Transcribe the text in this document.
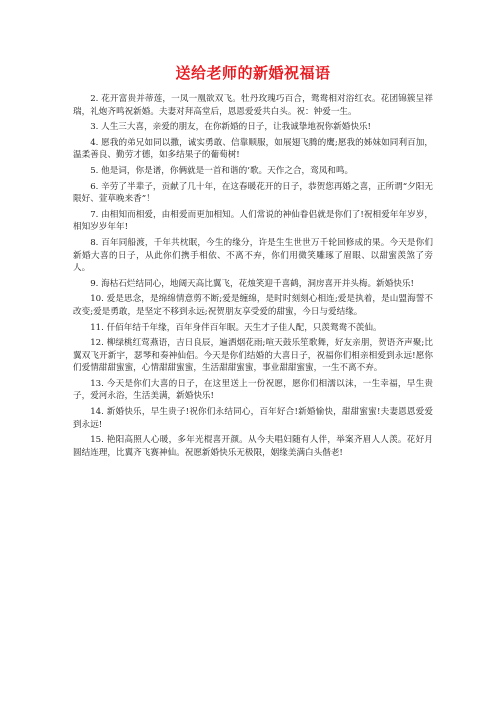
送给老师的新婚祝福语

2. 花开富贵并蒂莲，一凤一凰欲双飞。牡丹玫瑰巧百合，鸳鸯相对浴红衣。花团锦簇呈祥瑞，礼炮齐鸣祝新婚。夫妻对拜高堂后，恩恩爱爱共白头。祝：钟爱一生。

3. 人生三大喜，亲爱的朋友，在你新婚的日子，让我诚挚地祝你新婚快乐!

4. 愿我的弟兄如同以撒，诚实勇敢、信靠顺服，如展翅飞腾的鹰;愿我的姊妹如同利百加，温柔善良、勤劳才德，如多结果子的葡萄树!

5. 他是词，你是谱，你俩就是一首和谐的’歌。天作之合，鸾凤和鸣。

6. 辛劳了半辈子，贡献了几十年，在这春暖花开的日子，恭贺您再婚之喜，正所谓“夕阳无限好、萱草晚来香”！

7. 由相知而相爱，由相爱而更加相知。人们常说的神仙眷侣就是你们了!祝相爱年年岁岁，相知岁岁年年!

8. 百年同船渡，千年共枕眠，今生的缘分，许是生生世世万千轮回修成的果。今天是你们新婚大喜的日子，从此你们携手相依、不离不弃，你们用微笑雕琢了眉眼、以甜蜜羡煞了旁人。

9. 海枯石烂结同心，地阔天高比翼飞，花烛笑迎千喜鹤，洞房喜开并头梅。新婚快乐!

10. 爱是思念，是绵绵情意剪不断;爱是缠绵，是时时刻刻心相连;爱是执着，是山盟海誓不改变;爱是勇敢，是坚定不移到永远;祝贺朋友享受爱的甜蜜，今日与爱结缘。

11. 仟佰年结千年缘，百年身伴百年眠。天生才子佳人配，只羡鸳鸯不羡仙。

12. 柳绿桃红莺燕语，吉日良辰，遍洒烟花雨;喧天鼓乐笙歌舞，好友亲朋，贺语齐声聚;比翼双飞开新宇，瑟琴和奏神仙侣。今天是你们结婚的大喜日子，祝福你们相亲相爱到永远!愿你们爱情甜甜蜜蜜，心情甜甜蜜蜜，生活甜甜蜜蜜，事业甜甜蜜蜜，一生不离不弃。

13. 今天是你们大喜的日子，在这里送上一份祝愿，愿你们相濡以沫，一生幸福，早生贵子，爱河永浴，生活美满，新婚快乐!

14. 新婚快乐，早生贵子!祝你们永结同心，百年好合!新婚愉快，甜甜蜜蜜!夫妻恩恩爱爱到永远!

15. 艳阳高照人心暖，多年光棍喜开颜。从今夫唱妇随有人伴，举案齐眉人人羡。花好月圆结连理，比翼齐飞赛神仙。祝愿新婚快乐无极限，姻缘美满白头偕老!
